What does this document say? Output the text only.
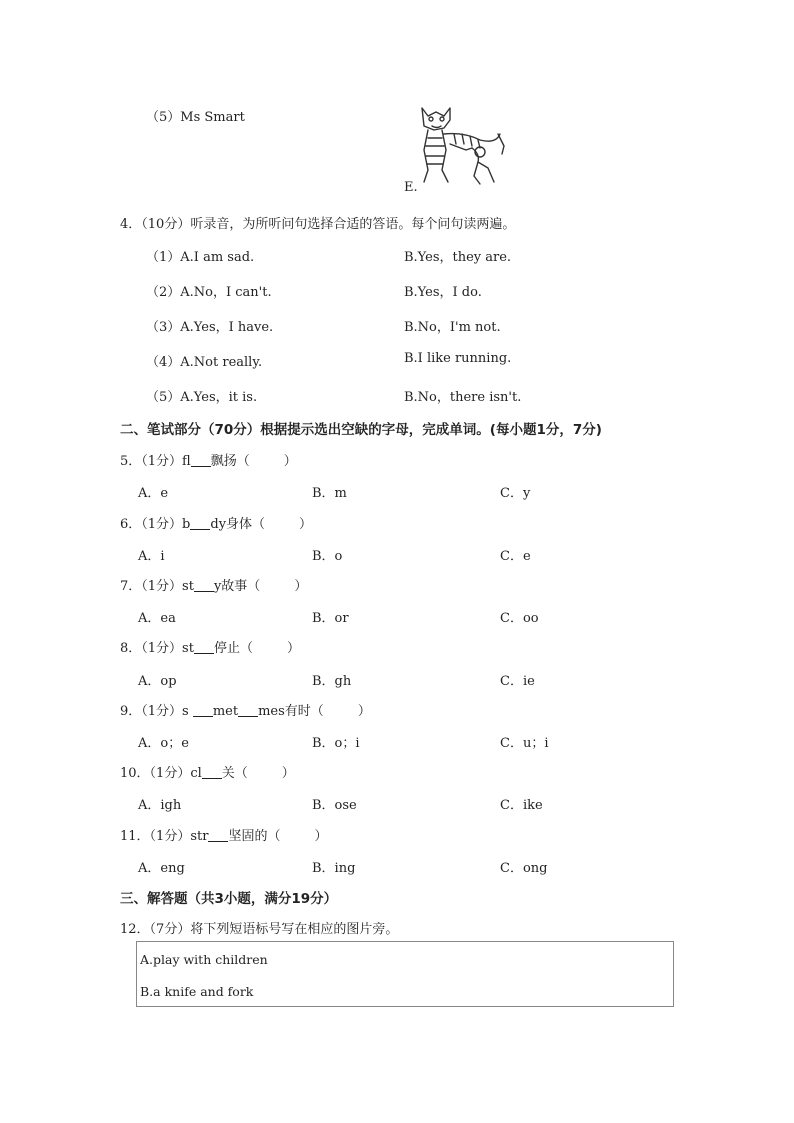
（5）Ms Smart
E.
4．（10分）听录音，为所听问句选择合适的答语。每个问句读两遍。
（1）A.I am sad.	B.Yes，they are.
（2）A.No，I can't.	B.Yes，I do.
（3）A.Yes，I have.	B.No，I'm not.
（4）A.Not really.	B.I like running.
（5）A.Yes，it is.	B.No，there isn't.
二、笔试部分（70分）根据提示选出空缺的字母，完成单词。(每小题1分，7分)
5．（1分）fl 飘扬（	）
A．e	B．m	C．y
6．（1分）b dy身体（	）
A．i	B．o	C．e
7．（1分）st y故事（	）
A．ea	B．or	C．oo
8．（1分）st 停止（	）
A．op	B．gh	C．ie
9．（1分）s met mes有时（	）
A．o；e	B．o；i	C．u；i
10．（1分）cl 关（	）
A．igh	B．ose	C．ike
11．（1分）str 坚固的（	）
A．eng	B．ing	C．ong
三、解答题（共3小题，满分19分）
12．（7分）将下列短语标号写在相应的图片旁。
A.play with children
B.a knife and fork
